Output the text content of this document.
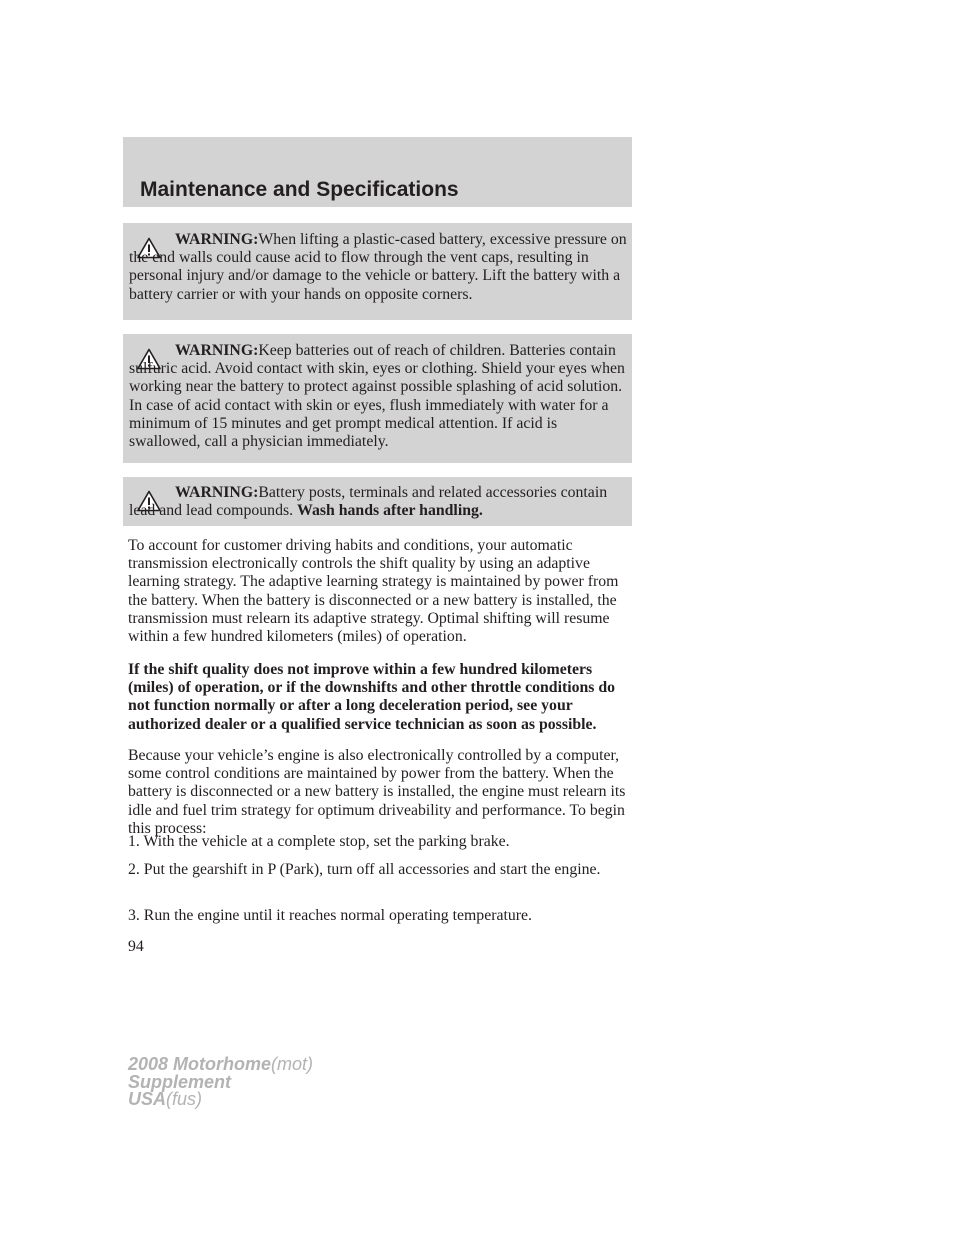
Maintenance and Specifications

WARNING:When lifting a plastic-cased battery, excessive pressure on the end walls could cause acid to flow through the vent caps, resulting in personal injury and/or damage to the vehicle or battery. Lift the battery with a battery carrier or with your hands on opposite corners.

WARNING:Keep batteries out of reach of children. Batteries contain sulfuric acid. Avoid contact with skin, eyes or clothing. Shield your eyes when working near the battery to protect against possible splashing of acid solution. In case of acid contact with skin or eyes, flush immediately with water for a minimum of 15 minutes and get prompt medical attention. If acid is swallowed, call a physician immediately.

WARNING:Battery posts, terminals and related accessories contain lead and lead compounds. Wash hands after handling.

To account for customer driving habits and conditions, your automatic transmission electronically controls the shift quality by using an adaptive learning strategy. The adaptive learning strategy is maintained by power from the battery. When the battery is disconnected or a new battery is installed, the transmission must relearn its adaptive strategy. Optimal shifting will resume within a few hundred kilometers (miles) of operation.

If the shift quality does not improve within a few hundred kilometers (miles) of operation, or if the downshifts and other throttle conditions do not function normally or after a long deceleration period, see your authorized dealer or a qualified service technician as soon as possible.

Because your vehicle’s engine is also electronically controlled by a computer, some control conditions are maintained by power from the battery. When the battery is disconnected or a new battery is installed, the engine must relearn its idle and fuel trim strategy for optimum driveability and performance. To begin this process:

1. With the vehicle at a complete stop, set the parking brake.

2. Put the gearshift in P (Park), turn off all accessories and start the engine.

3. Run the engine until it reaches normal operating temperature.

94
2008 Motorhome(mot)
Supplement
USA(fus)
